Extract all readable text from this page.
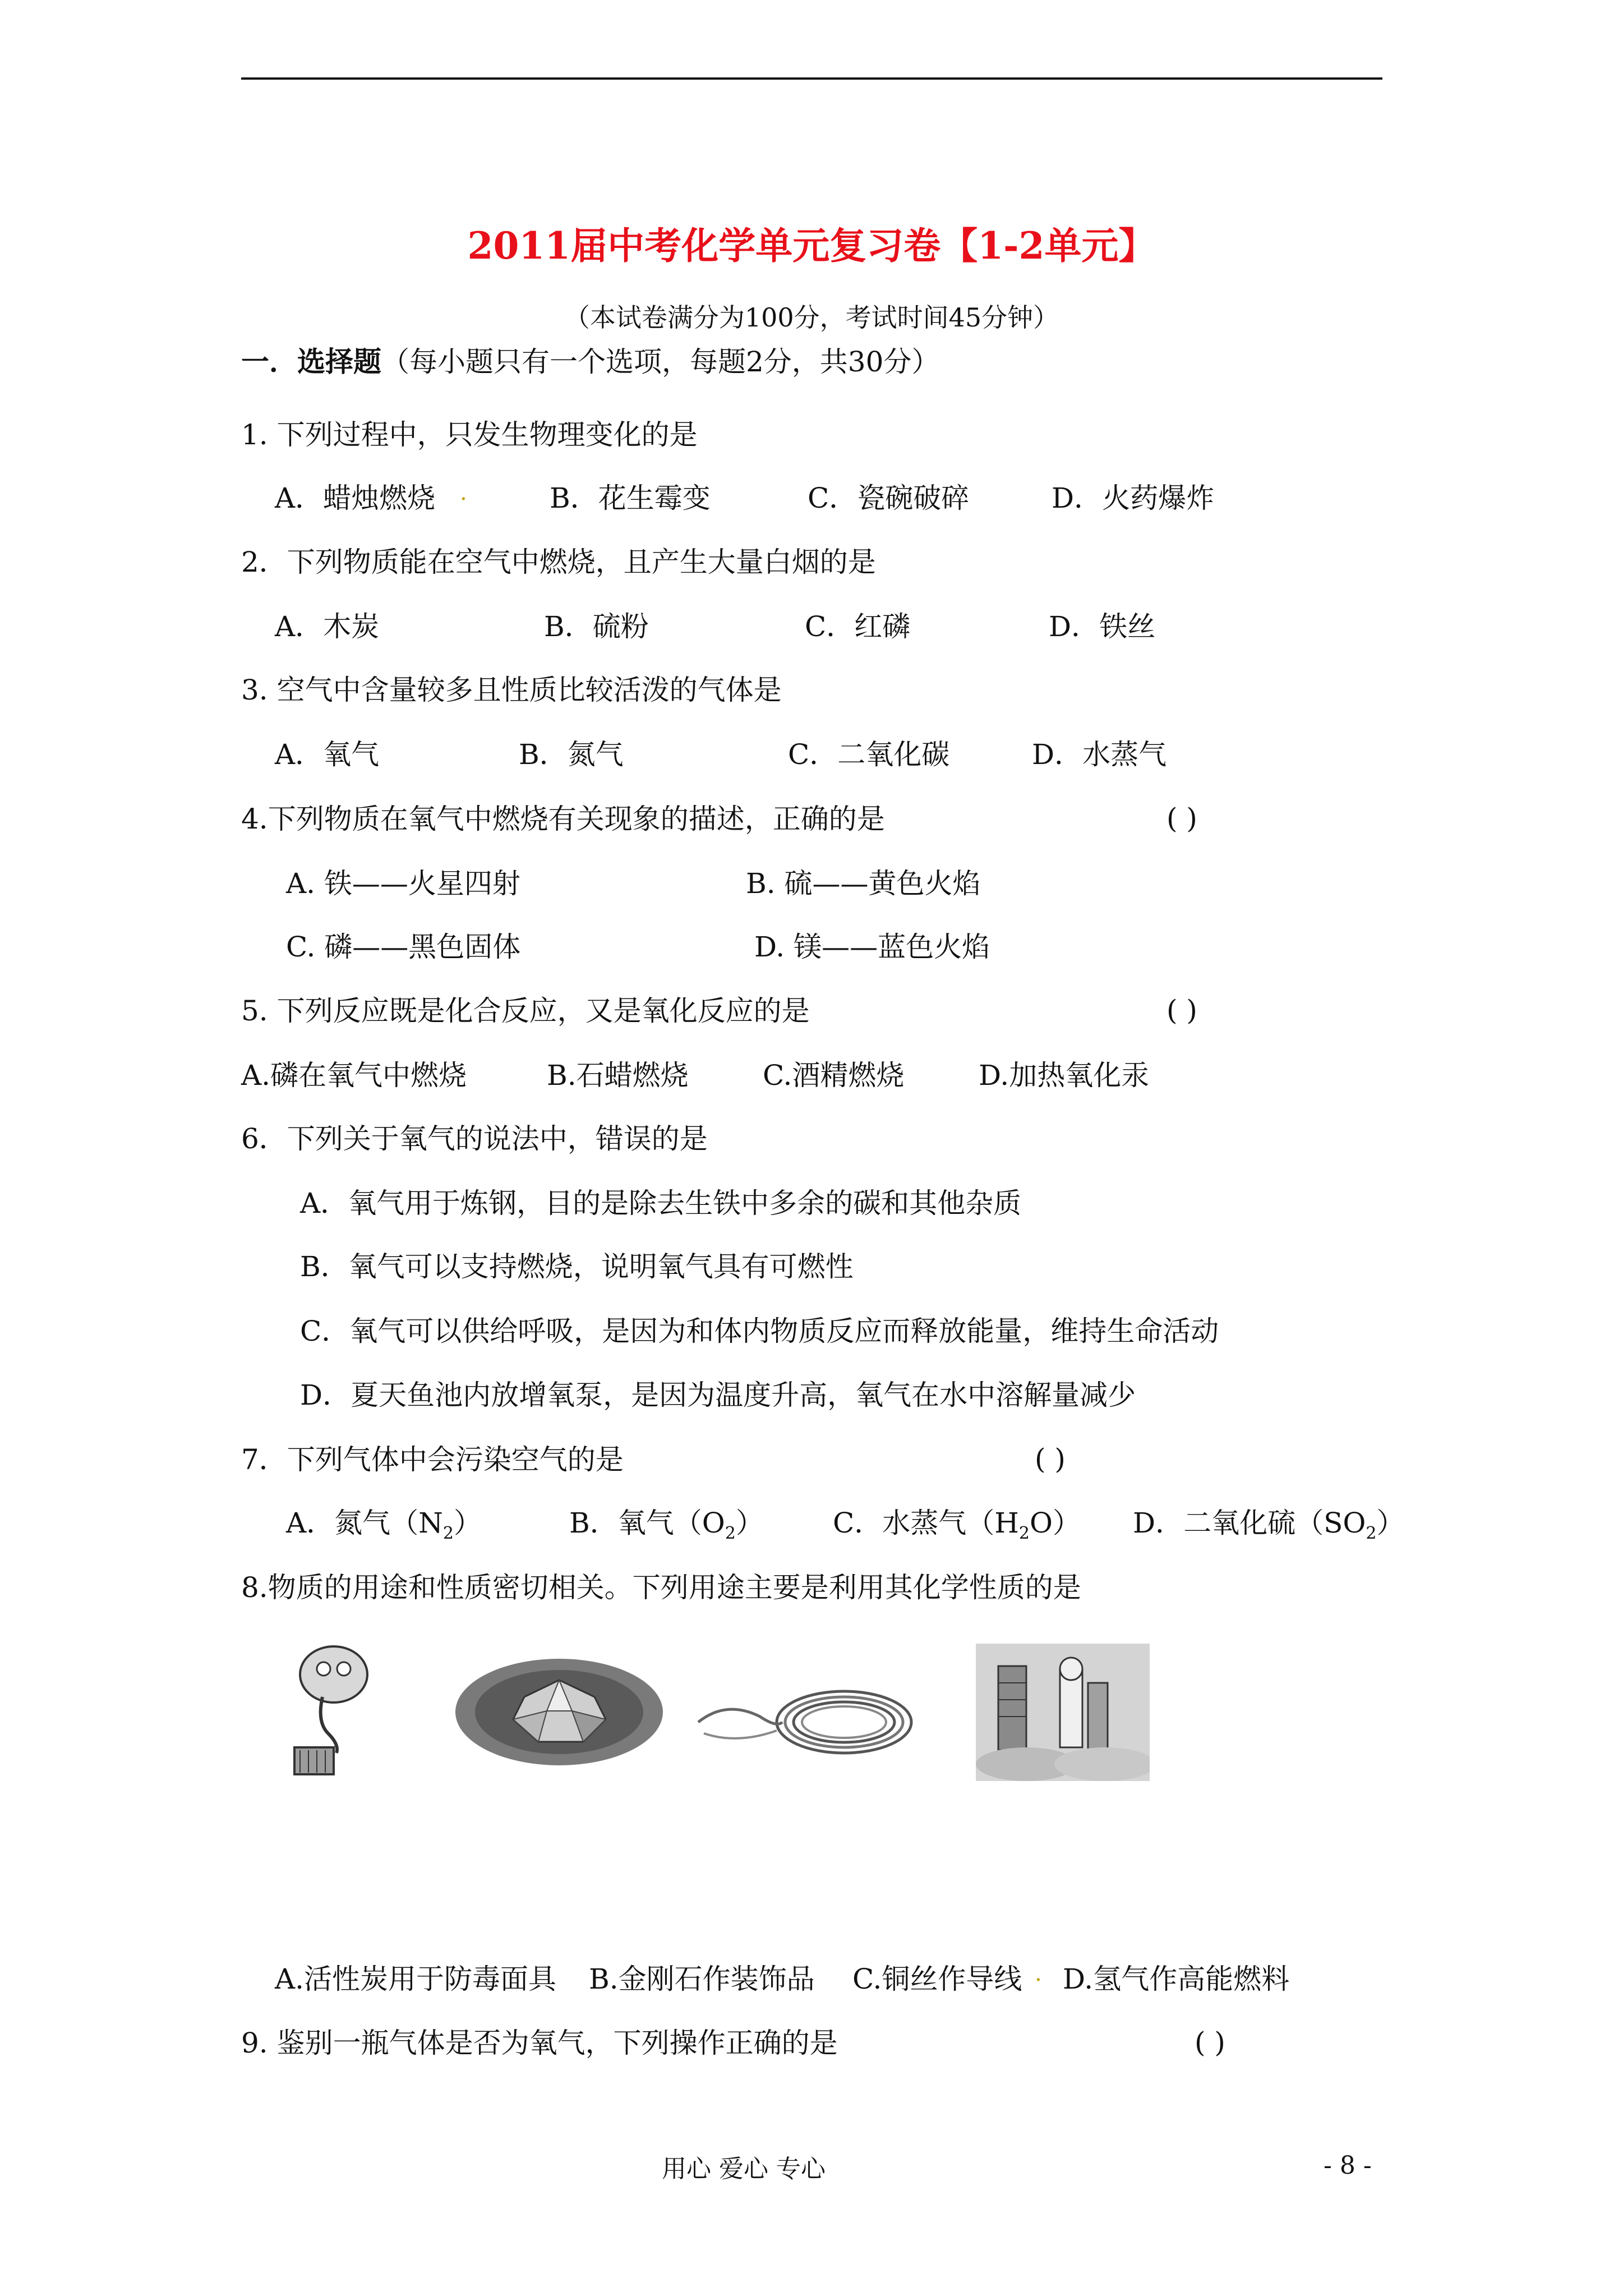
2011届中考化学单元复习卷【1-2单元】
（本试卷满分为100分，考试时间45分钟）
一．选择题（每小题只有一个选项，每题2分，共30分）
1. 下列过程中，只发生物理变化的是
A．蜡烛燃烧 .	B．花生霉变	C．瓷碗破碎	D．火药爆炸
2．下列物质能在空气中燃烧，且产生大量白烟的是
A．木炭	B．硫粉	C．红磷	D．铁丝
3. 空气中含量较多且性质比较活泼的气体是
A．氧气	B．氮气	C．二氧化碳	D．水蒸气
4.下列物质在氧气中燃烧有关现象的描述，正确的是	( )
A. 铁——火星四射	B. 硫——黄色火焰
C. 磷——黑色固体	D. 镁——蓝色火焰
5. 下列反应既是化合反应，又是氧化反应的是	( )
A.磷在氧气中燃烧	B.石蜡燃烧	C.酒精燃烧	D.加热氧化汞
6．下列关于氧气的说法中，错误的是
A．氧气用于炼钢，目的是除去生铁中多余的碳和其他杂质
B．氧气可以支持燃烧，说明氧气具有可燃性
C．氧气可以供给呼吸，是因为和体内物质反应而释放能量，维持生命活动
D．夏天鱼池内放增氧泵，是因为温度升高，氧气在水中溶解量减少
7．下列气体中会污染空气的是	( )
A．氮气$(N_2)$	B．氧气$(O_2)$ C．水蒸气$(H_2O)$ D．二氧化硫$(SO_2)$
8.物质的用途和性质密切相关。下列用途主要是利用其化学性质的是
A.活性炭用于防毒面具 B.金刚石作装饰品 C.铜丝作导线 . D.氢气作高能燃料
9. 鉴别一瓶气体是否为氧气，下列操作正确的是	( )
用心 爱心 专心	- 8 -
